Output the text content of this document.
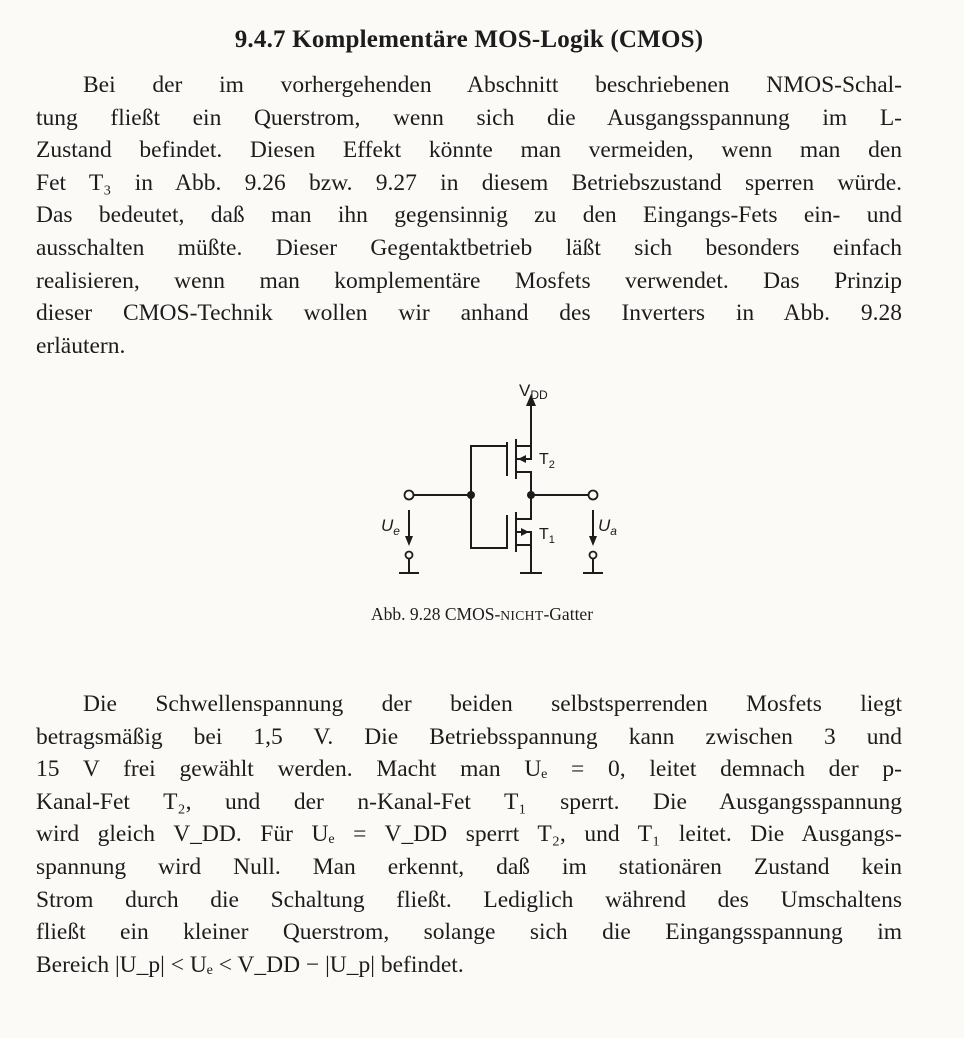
9.4.7 Komplementäre MOS-Logik (CMOS)
Bei der im vorhergehenden Abschnitt beschriebenen NMOS-Schal-
tung fließt ein Querstrom, wenn sich die Ausgangsspannung im L-
Zustand befindet. Diesen Effekt könnte man vermeiden, wenn man den
Fet T₃ in Abb. 9.26 bzw. 9.27 in diesem Betriebszustand sperren würde.
Das bedeutet, daß man ihn gegensinnig zu den Eingangs-Fets ein- und
ausschalten müßte. Dieser Gegentaktbetrieb läßt sich besonders einfach
realisieren, wenn man komplementäre Mosfets verwendet. Das Prinzip
dieser CMOS-Technik wollen wir anhand des Inverters in Abb. 9.28
erläutern.
VDD
$T_2$
$T_1$
$U_e$	$U_a$
Die Schwellenspannung der beiden selbstsperrenden Mosfets liegt
betragsmäßig bei 1,5 V. Die Betriebsspannung kann zwischen 3 und
15 V frei gewählt werden. Macht man Uₑ = 0, leitet demnach der p-
Kanal-Fet T₂, und der n-Kanal-Fet T₁ sperrt. Die Ausgangsspannung
wird gleich V_DD. Für Uₑ = V_DD sperrt T₂, und T₁ leitet. Die Ausgangs-
spannung wird Null. Man erkennt, daß im stationären Zustand kein
Strom durch die Schaltung fließt. Lediglich während des Umschaltens
fließt ein kleiner Querstrom, solange sich die Eingangsspannung im
Bereich |U_p| < Uₑ < V_DD − |U_p| befindet.
Abb. 9.28 CMOS-NICHT-Gatter
